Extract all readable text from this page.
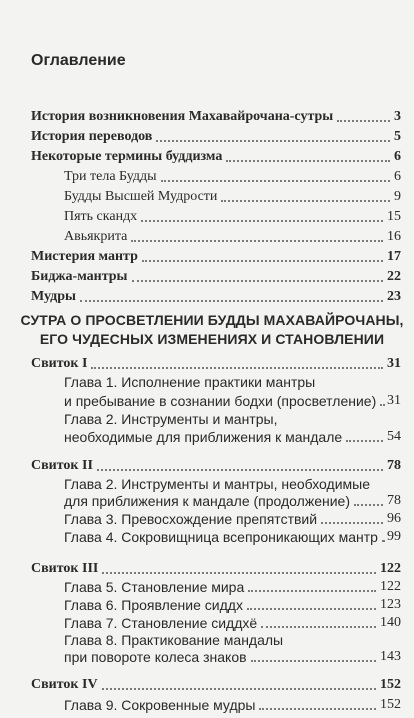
Оглавление
История возникновения Махавайрочана-сутры	3
История переводов	5
Некоторые термины буддизма	6
Три тела Будды	6
Будды Высшей Мудрости	9
Пять скандх	15
Авьякрита	16
Мистерия мантр	17
Биджа-мантры	22
Мудры	23
СУТРА О ПРОСВЕТЛЕНИИ БУДДЫ МАХАВАЙРОЧАНЫ,
ЕГО ЧУДЕСНЫХ ИЗМЕНЕНИЯХ И СТАНОВЛЕНИИ
Свиток I	31
Глава 1. Исполнение практики мантры
и пребывание в сознании бодхи (просветление) 31
Глава 2. Инструменты и мантры,
необходимые для приближения к мандале	54
Свиток II	78
Глава 2. Инструменты и мантры, необходимые
для приближения к мандале (продолжение)	78
Глава 3. Превосхождение препятствий	96
Глава 4. Сокровищница всепроникающих мантр 99
Свиток III	122
Глава 5. Становление мира	122
Глава 6. Проявление сиддх	123
Глава 7. Становление сиддхё	140
Глава 8. Практикование мандалы
при повороте колеса знаков	143
Свиток IV	152
Глава 9. Сокровенные мудры	152
